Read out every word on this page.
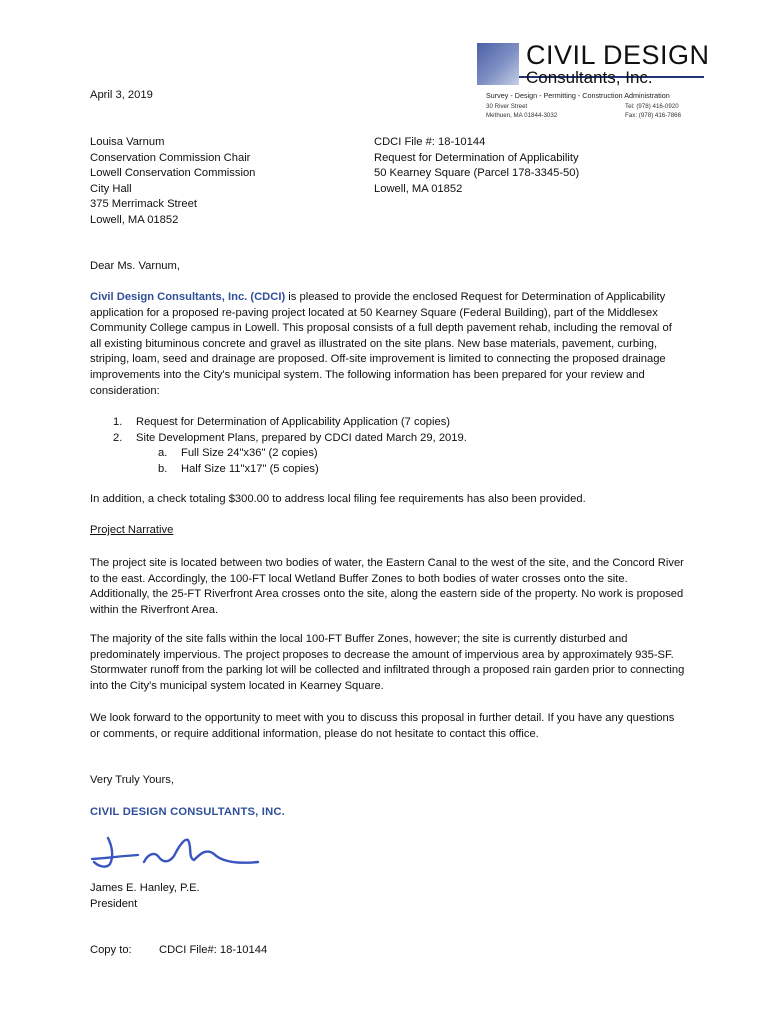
CIVIL DESIGN
Consultants, Inc.
Survey - Design - Permitting - Construction Administration
30 River Street
Methuen, MA 01844-3032
Tel: (978) 416-0920
Fax: (978) 416-7866
April 3, 2019
Louisa Varnum
Conservation Commission Chair
Lowell Conservation Commission
City Hall
375 Merrimack Street
Lowell, MA 01852
CDCI File #: 18-10144
Request for Determination of Applicability
50 Kearney Square (Parcel 178-3345-50)
Lowell, MA 01852
Dear Ms. Varnum,
Civil Design Consultants, Inc. (CDCI) is pleased to provide the enclosed Request for Determination of Applicability application for a proposed re-paving project located at 50 Kearney Square (Federal Building), part of the Middlesex Community College campus in Lowell. This proposal consists of a full depth pavement rehab, including the removal of all existing bituminous concrete and gravel as illustrated on the site plans. New base materials, pavement, curbing, striping, loam, seed and drainage are proposed. Off-site improvement is limited to connecting the proposed drainage improvements into the City's municipal system. The following information has been prepared for your review and consideration:
1. Request for Determination of Applicability Application (7 copies)
2. Site Development Plans, prepared by CDCI dated March 29, 2019.
a. Full Size 24"x36" (2 copies)
b. Half Size 11"x17" (5 copies)
In addition, a check totaling $300.00 to address local filing fee requirements has also been provided.
Project Narrative
The project site is located between two bodies of water, the Eastern Canal to the west of the site, and the Concord River to the east. Accordingly, the 100-FT local Wetland Buffer Zones to both bodies of water crosses onto the site. Additionally, the 25-FT Riverfront Area crosses onto the site, along the eastern side of the property. No work is proposed within the Riverfront Area.
The majority of the site falls within the local 100-FT Buffer Zones, however; the site is currently disturbed and predominately impervious. The project proposes to decrease the amount of impervious area by approximately 935-SF. Stormwater runoff from the parking lot will be collected and infiltrated through a proposed rain garden prior to connecting into the City's municipal system located in Kearney Square.
We look forward to the opportunity to meet with you to discuss this proposal in further detail. If you have any questions or comments, or require additional information, please do not hesitate to contact this office.
Very Truly Yours,
CIVIL DESIGN CONSULTANTS, INC.
James E. Hanley, P.E.
President
Copy to: CDCI File#: 18-10144
